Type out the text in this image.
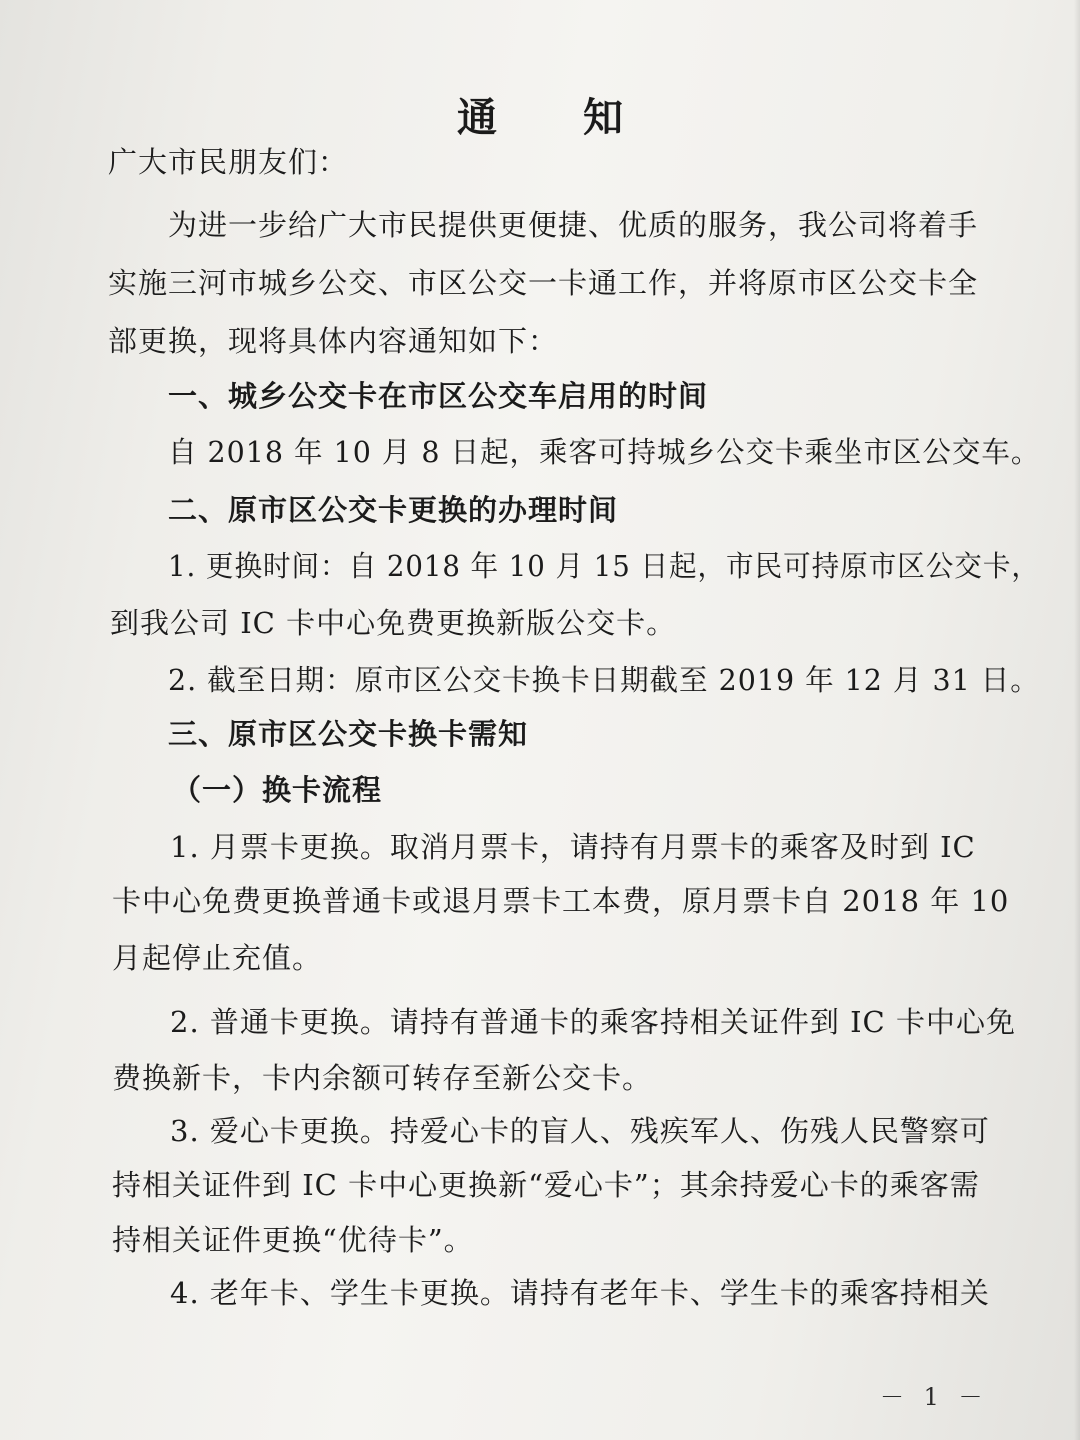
通 知
广大市民朋友们：
为进一步给广大市民提供更便捷、优质的服务，我公司将着手
实施三河市城乡公交、市区公交一卡通工作，并将原市区公交卡全
部更换，现将具体内容通知如下：
一、城乡公交卡在市区公交车启用的时间
自 2018 年 10 月 8 日起，乘客可持城乡公交卡乘坐市区公交车。
二、原市区公交卡更换的办理时间
1. 更换时间：自 2018 年 10 月 15 日起，市民可持原市区公交卡，
到我公司 IC 卡中心免费更换新版公交卡。
2. 截至日期：原市区公交卡换卡日期截至 2019 年 12 月 31 日。
三、原市区公交卡换卡需知
（一）换卡流程
1. 月票卡更换。取消月票卡，请持有月票卡的乘客及时到 IC
卡中心免费更换普通卡或退月票卡工本费，原月票卡自 2018 年 10
月起停止充值。
2. 普通卡更换。请持有普通卡的乘客持相关证件到 IC 卡中心免
费换新卡，卡内余额可转存至新公交卡。
3. 爱心卡更换。持爱心卡的盲人、残疾军人、伤残人民警察可
持相关证件到 IC 卡中心更换新“爱心卡”；其余持爱心卡的乘客需
持相关证件更换“优待卡”。
4. 老年卡、学生卡更换。请持有老年卡、学生卡的乘客持相关
－ 1 －
